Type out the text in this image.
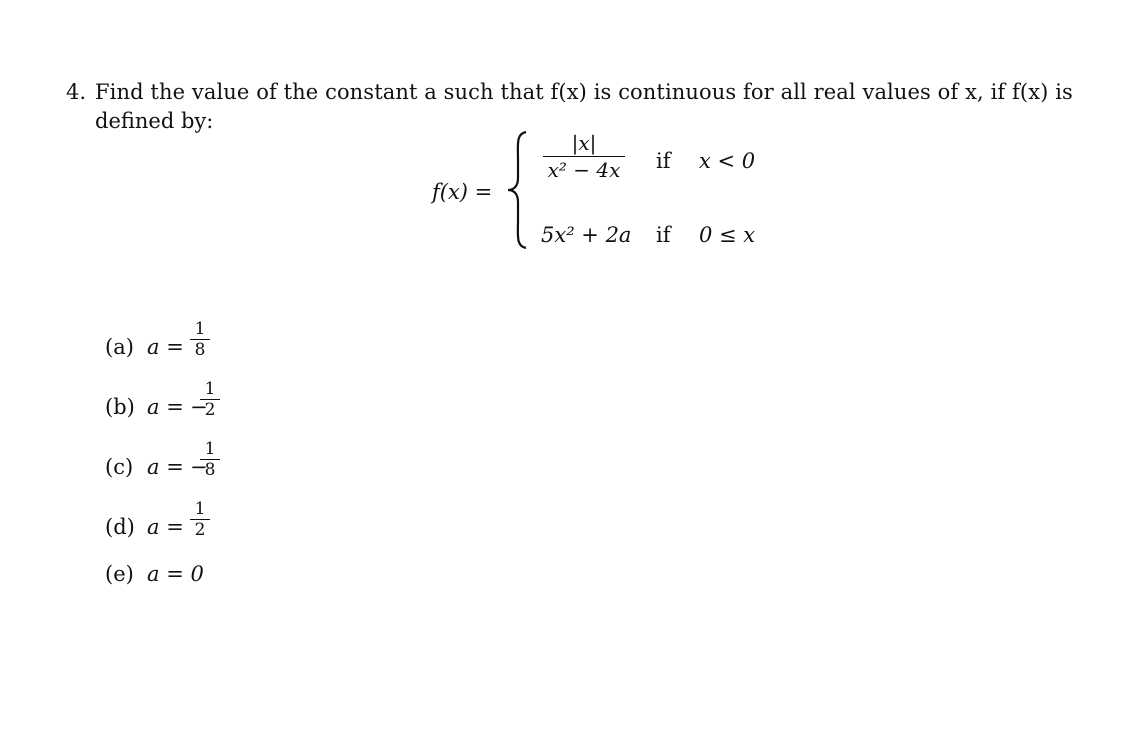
4. Find the value of the constant a such that f(x) is continuous for all real values of x, if f(x) is
defined by:
f(x) =
|x|
x² − 4x if x < 0
5x² + 2a if 0 ≤ x
(a) a =
1
8
(b) a = −
1
2
(c) a = −
1
8
(d) a =
1
2
(e) a = 0
